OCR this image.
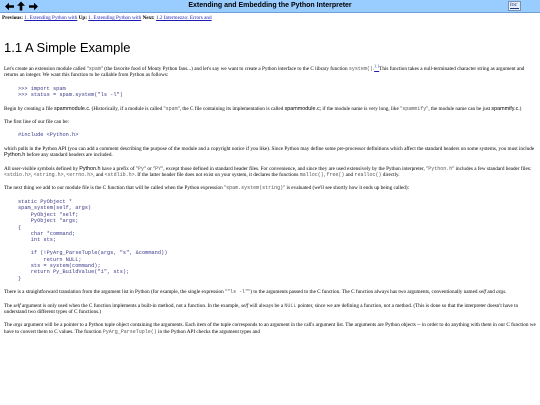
Extending and Embedding the Python Interpreter	toc
Previous: 1. Extending Python with Up: 1. Extending Python with Next: 1.2 Intermezzo: Errors and
1.1 A Simple Example

Let's create an extension module called "spam" (the favorite food of Monty Python fans...) and let's say we want to create a Python interface to the C library function system().$^{1.1}$This function takes a null-terminated character string as argument and returns an integer. We want this function to be callable from Python as follows:

>>> import spam
>>> status = spam.system("ls -l")

Begin by creating a file spammodule.c. (Historically, if a module is called "spam", the C file containing its implementation is called spammodule.c; if the module name is very long, like "spammify", the module name can be just spammify.c.)

The first line of our file can be:

#include <Python.h>

which pulls in the Python API (you can add a comment describing the purpose of the module and a copyright notice if you like). Since Python may define some pre-processor definitions which affect the standard headers on some systems, you must include Python.h before any standard headers are included.

All user-visible symbols defined by Python.h have a prefix of "Py" or "PY", except those defined in standard header files. For convenience, and since they are used extensively by the Python interpreter, "Python.h" includes a few standard header files: <stdio.h>, <string.h>, <errno.h>, and <stdlib.h>. If the latter header file does not exist on your system, it declares the functions malloc(), free() and realloc() directly.

The next thing we add to our module file is the C function that will be called when the Python expression "spam.system(string)" is evaluated (we'll see shortly how it ends up being called):

static PyObject *
spam_system(self, args)
PyObject *self;
PyObject *args;
{
char *command;
int sts;

if (!PyArg_ParseTuple(args, "s", &command))
return NULL;
sts = system(command);
return Py_BuildValue("i", sts);
}

There is a straightforward translation from the argument list in Python (for example, the single expression ""ls -l"") to the arguments passed to the C function. The C function always has two arguments, conventionally named self and args.

The self argument is only used when the C function implements a built-in method, not a function. In the example, self will always be a NULL pointer, since we are defining a function, not a method. (This is done so that the interpreter doesn't have to understand two different types of C functions.)

The args argument will be a pointer to a Python tuple object containing the arguments. Each item of the tuple corresponds to an argument in the call's argument list. The arguments are Python objects -- in order to do anything with them in our C function we have to convert them to C values. The function PyArg_ParseTuple() in the Python API checks the argument types and
